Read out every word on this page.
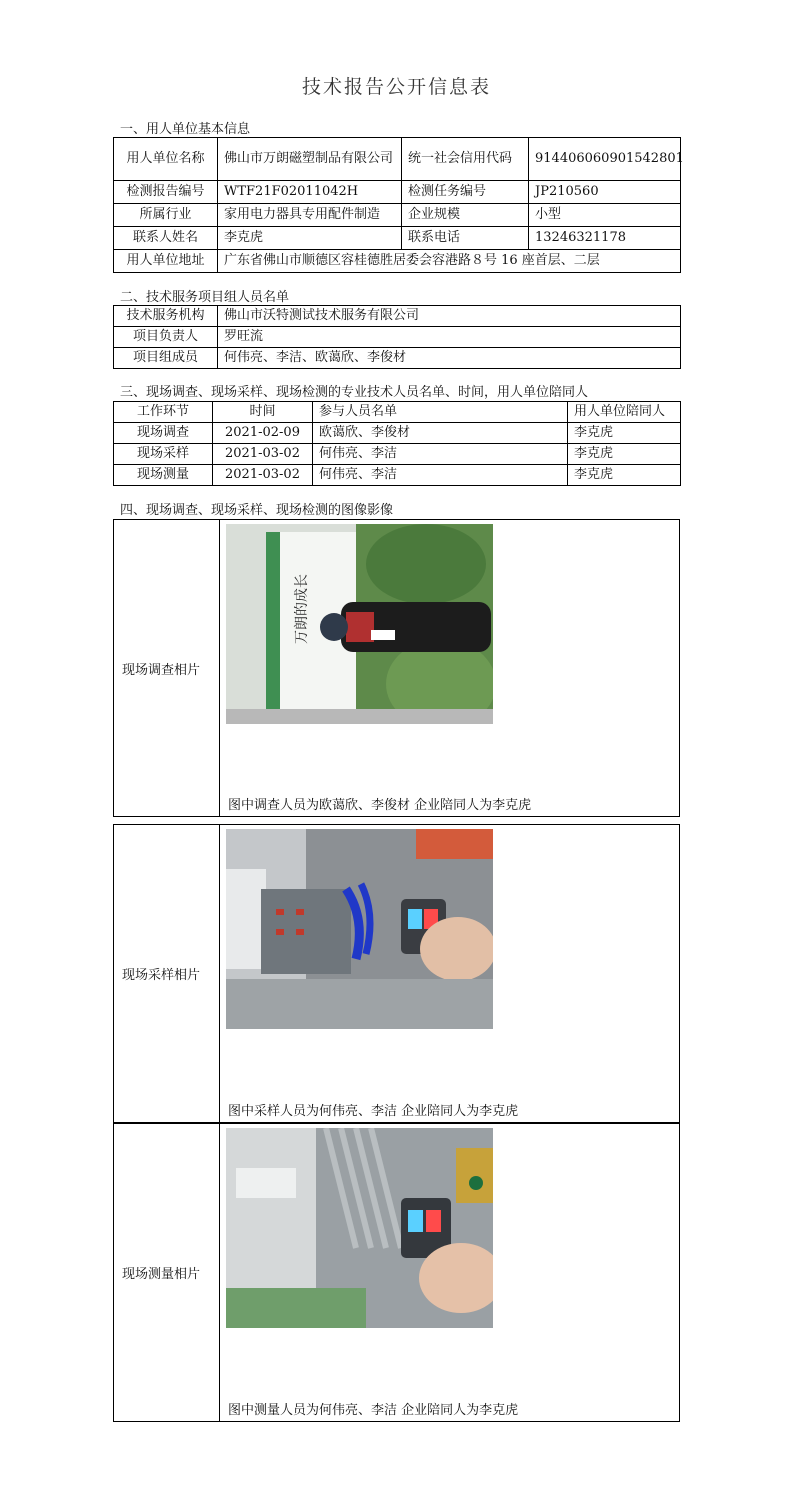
技术报告公开信息表
一、用人单位基本信息
用人单位名称	佛山市万朗磁塑制品有限公司	统一社会信用代码	914406060901542801
检测报告编号	WTF21F02011042H	检测任务编号	JP210560
所属行业	家用电力器具专用配件制造	企业规模	小型
联系人姓名	李克虎	联系电话	13246321178
用人单位地址	广东省佛山市顺德区容桂德胜居委会容港路８号 16 座首层、二层		
二、技术服务项目组人员名单
技术服务机构	佛山市沃特测试技术服务有限公司
项目负责人	罗旺流
项目组成员	何伟亮、李洁、欧蔼欣、李俊材
三、现场调查、现场采样、现场检测的专业技术人员名单、时间，用人单位陪同人
工作环节	时间	参与人员名单	用人单位陪同人
现场调查	2021-02-09	欧蔼欣、李俊材	李克虎
现场采样	2021-03-02	何伟亮、李洁	李克虎
现场测量	2021-03-02	何伟亮、李洁	李克虎
四、现场调查、现场采样、现场检测的图像影像
现场调查相片
万朗的成长
图中调查人员为欧蔼欣、李俊材 企业陪同人为李克虎
现场采样相片
图中采样人员为何伟亮、李洁 企业陪同人为李克虎
现场测量相片
图中测量人员为何伟亮、李洁 企业陪同人为李克虎
